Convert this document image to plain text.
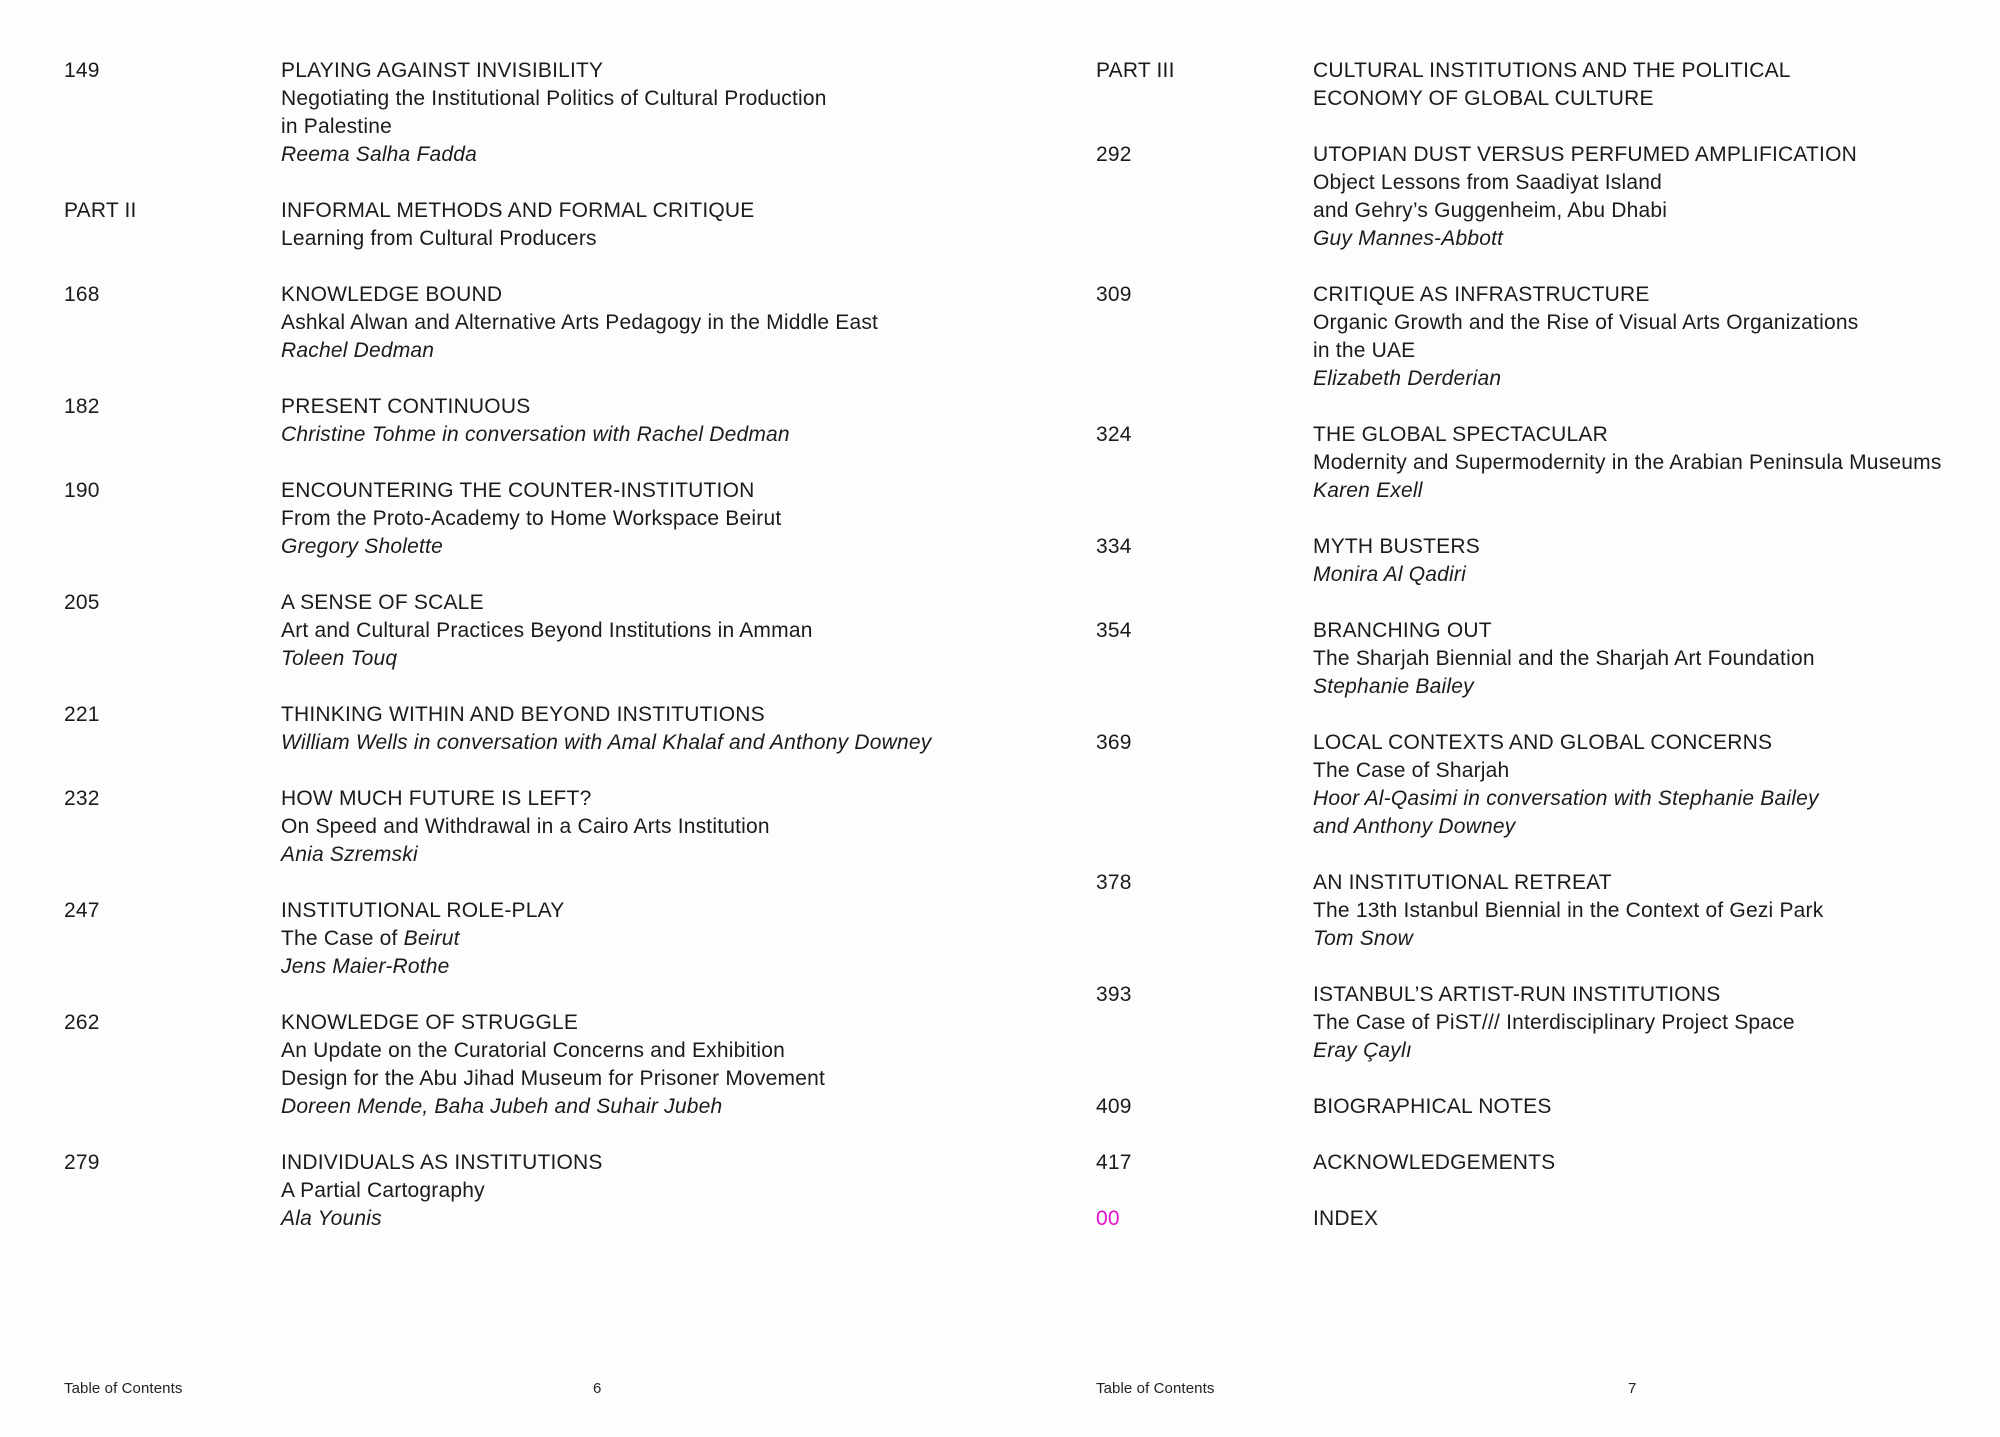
149	PLAYING AGAINST INVISIBILITY
Negotiating the Institutional Politics of Cultural Production
in Palestine
Reema Salha Fadda
PART II	INFORMAL METHODS AND FORMAL CRITIQUE
Learning from Cultural Producers
168	KNOWLEDGE BOUND
Ashkal Alwan and Alternative Arts Pedagogy in the Middle East
Rachel Dedman
182	PRESENT CONTINUOUS
Christine Tohme in conversation with Rachel Dedman
190	ENCOUNTERING THE COUNTER-INSTITUTION
From the Proto-Academy to Home Workspace Beirut
Gregory Sholette
205	A SENSE OF SCALE
Art and Cultural Practices Beyond Institutions in Amman
Toleen Touq
221	THINKING WITHIN AND BEYOND INSTITUTIONS
William Wells in conversation with Amal Khalaf and Anthony Downey
232	HOW MUCH FUTURE IS LEFT?
On Speed and Withdrawal in a Cairo Arts Institution
Ania Szremski
247	INSTITUTIONAL ROLE-PLAY
The Case of Beirut
Jens Maier-Rothe
262	KNOWLEDGE OF STRUGGLE
An Update on the Curatorial Concerns and Exhibition
Design for the Abu Jihad Museum for Prisoner Movement
Doreen Mende, Baha Jubeh and Suhair Jubeh
279	INDIVIDUALS AS INSTITUTIONS
A Partial Cartography
Ala Younis
PART III	CULTURAL INSTITUTIONS AND THE POLITICAL
ECONOMY OF GLOBAL CULTURE
292	UTOPIAN DUST VERSUS PERFUMED AMPLIFICATION
Object Lessons from Saadiyat Island
and Gehry’s Guggenheim, Abu Dhabi
Guy Mannes-Abbott
309	CRITIQUE AS INFRASTRUCTURE
Organic Growth and the Rise of Visual Arts Organizations
in the UAE
Elizabeth Derderian
324	THE GLOBAL SPECTACULAR
Modernity and Supermodernity in the Arabian Peninsula Museums
Karen Exell
334	MYTH BUSTERS
Monira Al Qadiri
354	BRANCHING OUT
The Sharjah Biennial and the Sharjah Art Foundation
Stephanie Bailey
369	LOCAL CONTEXTS AND GLOBAL CONCERNS
The Case of Sharjah
Hoor Al-Qasimi in conversation with Stephanie Bailey
and Anthony Downey
378	AN INSTITUTIONAL RETREAT
The 13th Istanbul Biennial in the Context of Gezi Park
Tom Snow
393	ISTANBUL’S ARTIST-RUN INSTITUTIONS
The Case of PiST/// Interdisciplinary Project Space
Eray Çaylı
409	BIOGRAPHICAL NOTES
417	ACKNOWLEDGEMENTS
00	INDEX
Table of Contents	6	Table of Contents	7
